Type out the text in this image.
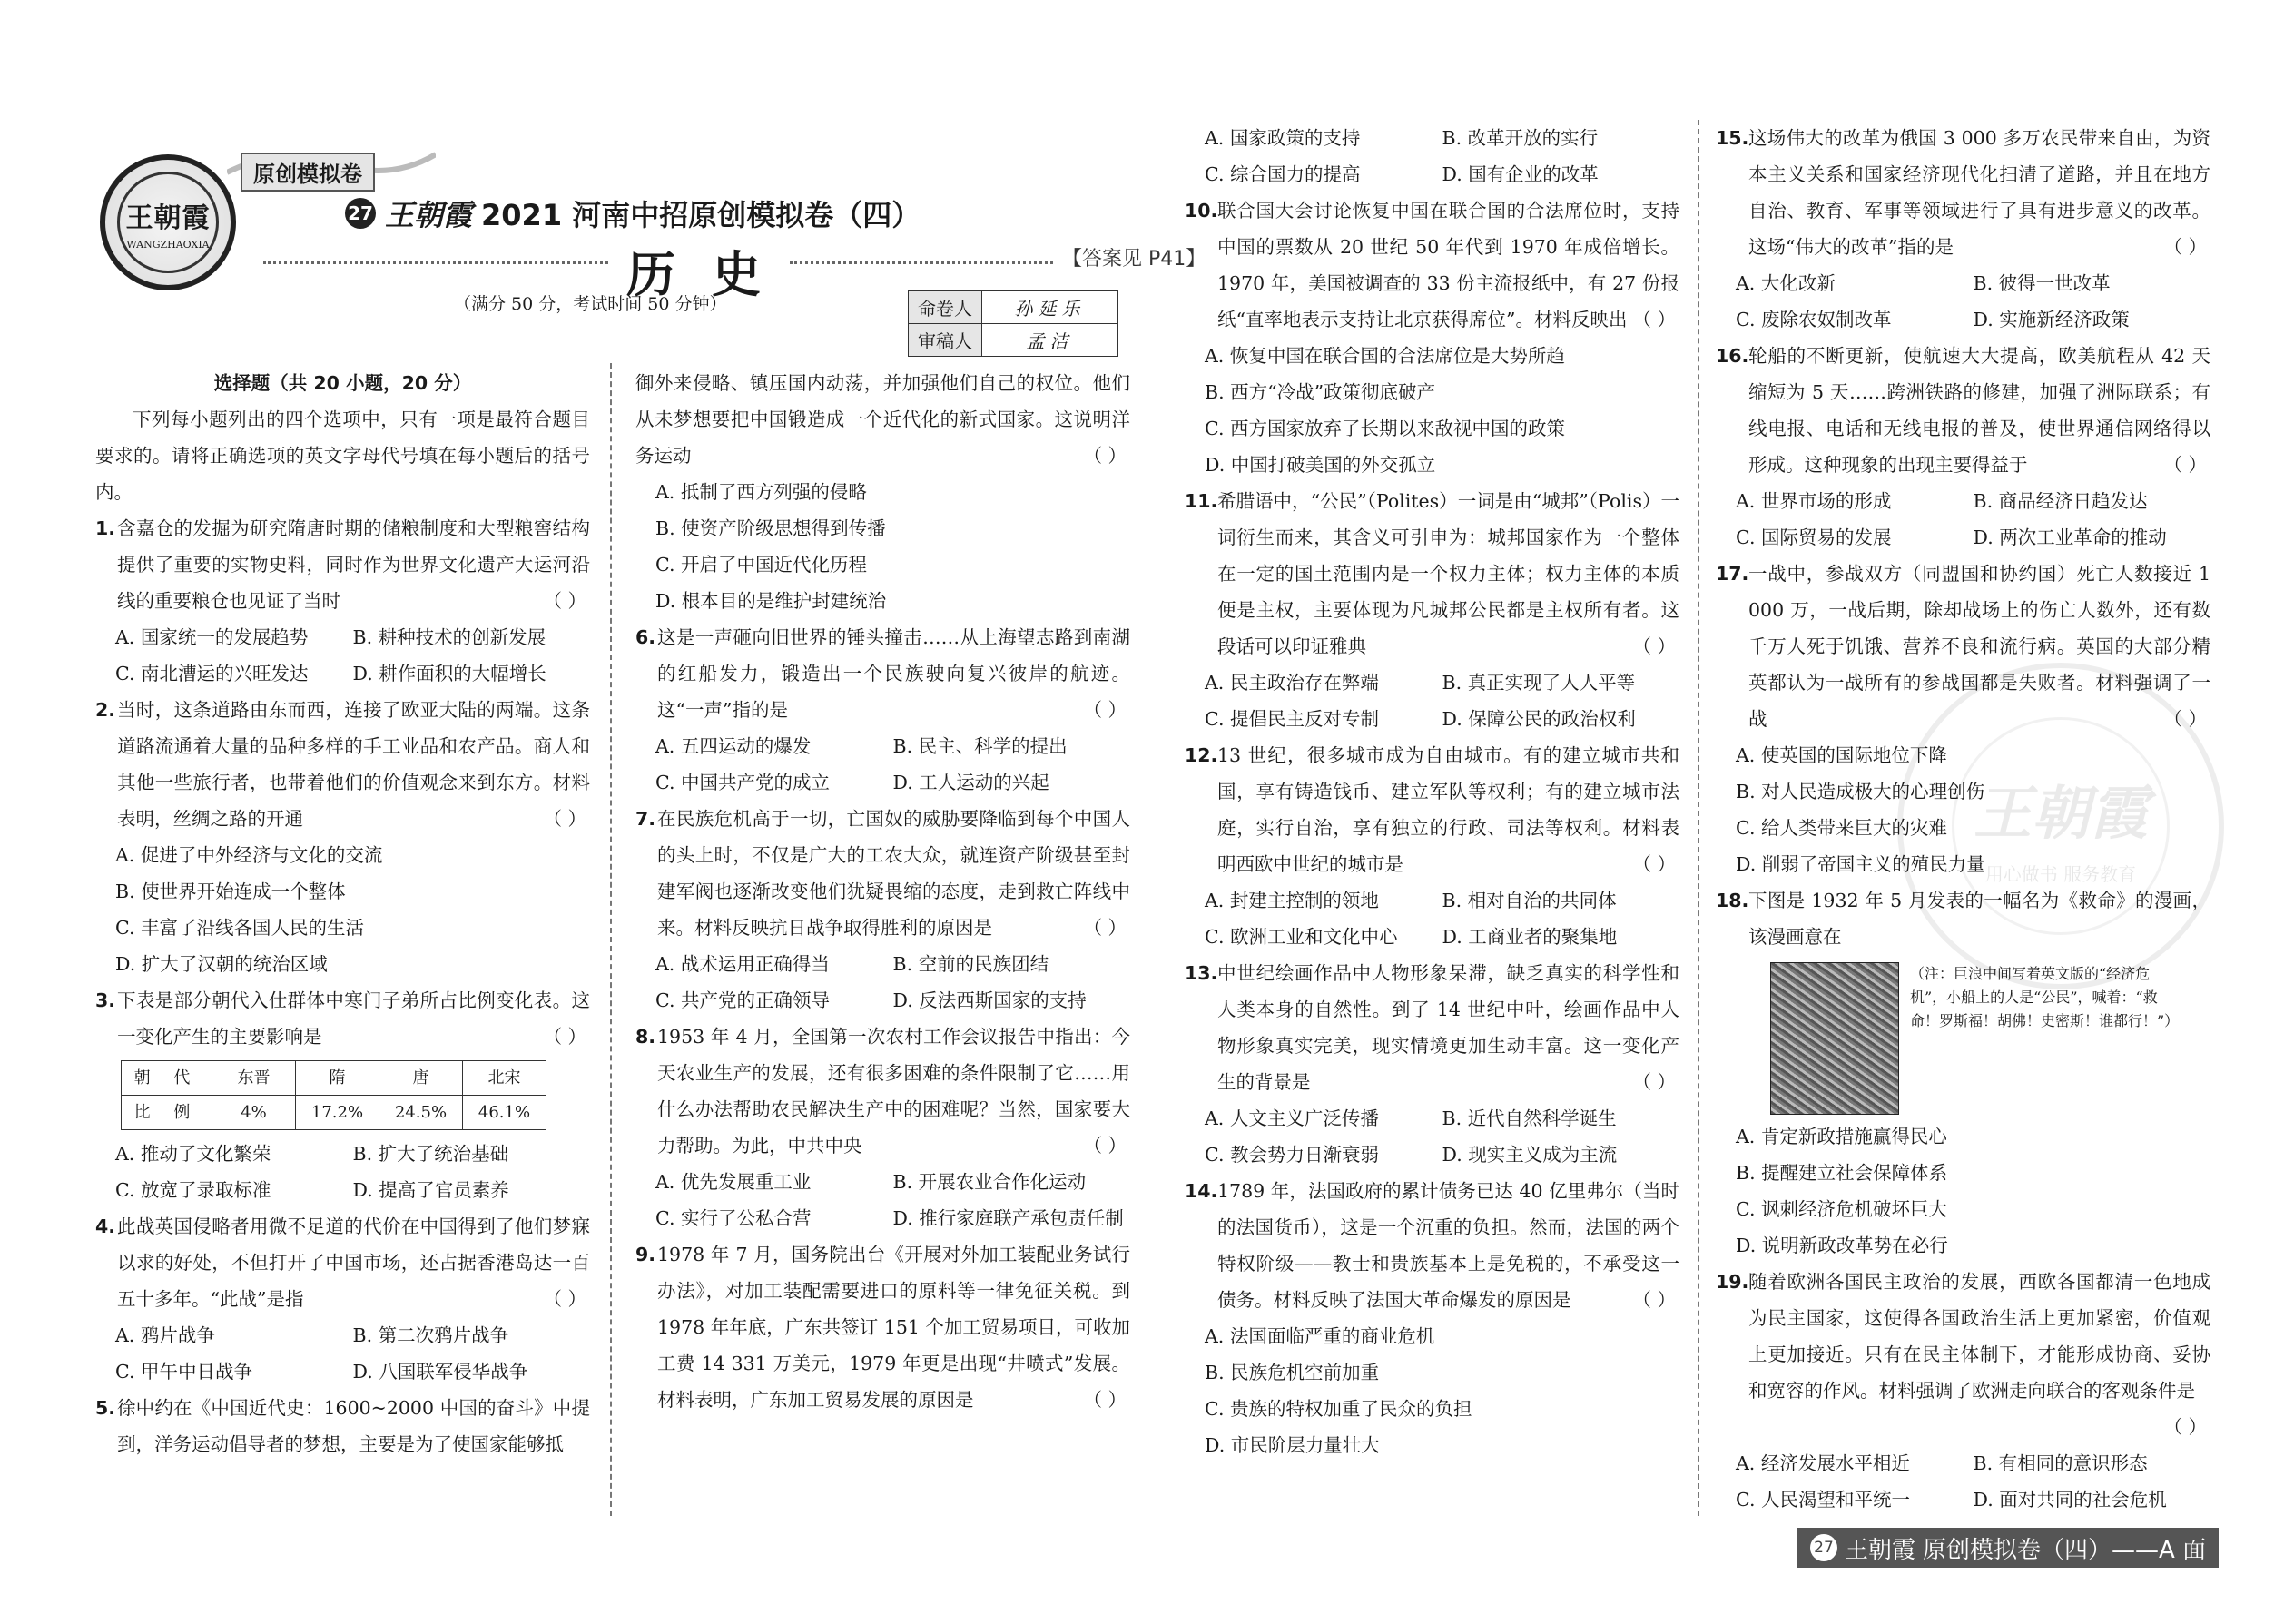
王朝霞
WANGZHAOXIA
原创模拟卷
27 王朝霞 2021 河南中招原创模拟卷（四）
历史	【答案见 P41】
（满分 50 分，考试时间 50 分钟）	命卷人	孙延乐
审稿人	孟洁

选择题（共 20 小题，20 分）

下列每小题列出的四个选项中，只有一项是最符合题目要求的。请将正确选项的英文字母代号填在每小题后的括号内。

1. 含嘉仓的发掘为研究隋唐时期的储粮制度和大型粮窖结构提供了重要的实物史料，同时作为世界文化遗产大运河沿线的重要粮仓也见证了当时	（ ）
A. 国家统一的发展趋势	B. 耕种技术的创新发展
C. 南北漕运的兴旺发达	D. 耕作面积的大幅增长
2. 当时，这条道路由东而西，连接了欧亚大陆的两端。这条道路流通着大量的品种多样的手工业品和农产品。商人和其他一些旅行者，也带着他们的价值观念来到东方。材料表明，丝绸之路的开通	（ ）
A. 促进了中外经济与文化的交流
B. 使世界开始连成一个整体
C. 丰富了沿线各国人民的生活
D. 扩大了汉朝的统治区域
3. 下表是部分朝代入仕群体中寒门子弟所占比例变化表。这一变化产生的主要影响是	（ ）
朝 代	东晋	隋	唐	北宋
比 例	4%	17.2%	24.5%	46.1%
A. 推动了文化繁荣	B. 扩大了统治基础
C. 放宽了录取标准	D. 提高了官员素养
4. 此战英国侵略者用微不足道的代价在中国得到了他们梦寐以求的好处，不但打开了中国市场，还占据香港岛达一百五十多年。“此战”是指	（ ）
A. 鸦片战争	B. 第二次鸦片战争
C. 甲午中日战争	D. 八国联军侵华战争
5. 徐中约在《中国近代史：1600~2000 中国的奋斗》中提到，洋务运动倡导者的梦想，主要是为了使国家能够抵

御外来侵略、镇压国内动荡，并加强他们自己的权位。他们从未梦想要把中国锻造成一个近代化的新式国家。这说明洋务运动	（ ）

A. 抵制了西方列强的侵略
B. 使资产阶级思想得到传播
C. 开启了中国近代化历程
D. 根本目的是维护封建统治
6. 这是一声砸向旧世界的锤头撞击……从上海望志路到南湖的红船发力，锻造出一个民族驶向复兴彼岸的航迹。这“一声”指的是	（ ）
A. 五四运动的爆发	B. 民主、科学的提出
C. 中国共产党的成立	D. 工人运动的兴起
7. 在民族危机高于一切，亡国奴的威胁要降临到每个中国人的头上时，不仅是广大的工农大众，就连资产阶级甚至封建军阀也逐渐改变他们犹疑畏缩的态度，走到救亡阵线中来。材料反映抗日战争取得胜利的原因是	（ ）
A. 战术运用正确得当	B. 空前的民族团结
C. 共产党的正确领导	D. 反法西斯国家的支持
8. 1953 年 4 月，全国第一次农村工作会议报告中指出：今天农业生产的发展，还有很多困难的条件限制了它……用什么办法帮助农民解决生产中的困难呢？当然，国家要大力帮助。为此，中共中央	（ ）
A. 优先发展重工业	B. 开展农业合作化运动
C. 实行了公私合营	D. 推行家庭联产承包责任制
9. 1978 年 7 月，国务院出台《开展对外加工装配业务试行办法》，对加工装配需要进口的原料等一律免征关税。到 1978 年年底，广东共签订 151 个加工贸易项目，可收加工费 14 331 万美元，1979 年更是出现“井喷式”发展。材料表明，广东加工贸易发展的原因是	（ ）
A. 国家政策的支持	B. 改革开放的实行
C. 综合国力的提高	D. 国有企业的改革
10. 联合国大会讨论恢复中国在联合国的合法席位时，支持中国的票数从 20 世纪 50 年代到 1970 年成倍增长。1970 年，美国被调查的 33 份主流报纸中，有 27 份报纸“直率地表示支持让北京获得席位”。材料反映出 （ ）
A. 恢复中国在联合国的合法席位是大势所趋
B. 西方“冷战”政策彻底破产
C. 西方国家放弃了长期以来敌视中国的政策
D. 中国打破美国的外交孤立
11. 希腊语中，“公民”（Polites）一词是由“城邦”（Polis）一词衍生而来，其含义可引申为：城邦国家作为一个整体在一定的国土范围内是一个权力主体；权力主体的本质便是主权，主要体现为凡城邦公民都是主权所有者。这段话可以印证雅典	（ ）
A. 民主政治存在弊端	B. 真正实现了人人平等
C. 提倡民主反对专制	D. 保障公民的政治权利
12. 13 世纪，很多城市成为自由城市。有的建立城市共和国，享有铸造钱币、建立军队等权利；有的建立城市法庭，实行自治，享有独立的行政、司法等权利。材料表明西欧中世纪的城市是	（ ）
A. 封建主控制的领地	B. 相对自治的共同体
C. 欧洲工业和文化中心	D. 工商业者的聚集地
13. 中世纪绘画作品中人物形象呆滞，缺乏真实的科学性和人类本身的自然性。到了 14 世纪中叶，绘画作品中人物形象真实完美，现实情境更加生动丰富。这一变化产生的背景是	（ ）
A. 人文主义广泛传播	B. 近代自然科学诞生
C. 教会势力日渐衰弱	D. 现实主义成为主流
14. 1789 年，法国政府的累计债务已达 40 亿里弗尔（当时的法国货币），这是一个沉重的负担。然而，法国的两个特权阶级——教士和贵族基本上是免税的，不承受这一债务。材料反映了法国大革命爆发的原因是	（ ）
A. 法国面临严重的商业危机
B. 民族危机空前加重
C. 贵族的特权加重了民众的负担
D. 市民阶层力量壮大
王朝霞
用心做书 服务教育
15. 这场伟大的改革为俄国 3 000 多万农民带来自由，为资本主义关系和国家经济现代化扫清了道路，并且在地方自治、教育、军事等领域进行了具有进步意义的改革。这场“伟大的改革”指的是	（ ）
A. 大化改新	B. 彼得一世改革
C. 废除农奴制改革	D. 实施新经济政策
16. 轮船的不断更新，使航速大大提高，欧美航程从 42 天缩短为 5 天……跨洲铁路的修建，加强了洲际联系；有线电报、电话和无线电报的普及，使世界通信网络得以形成。这种现象的出现主要得益于	（ ）
A. 世界市场的形成	B. 商品经济日趋发达
C. 国际贸易的发展	D. 两次工业革命的推动
17. 一战中，参战双方（同盟国和协约国）死亡人数接近 1 000 万，一战后期，除却战场上的伤亡人数外，还有数千万人死于饥饿、营养不良和流行病。英国的大部分精英都认为一战所有的参战国都是失败者。材料强调了一战	（ ）
A. 使英国的国际地位下降
B. 对人民造成极大的心理创伤
C. 给人类带来巨大的灾难
D. 削弱了帝国主义的殖民力量
18. 下图是 1932 年 5 月发表的一幅名为《救命》的漫画，该漫画意在
（注：巨浪中间写着英文版的“经济危机”，小船上的人是“公民”，喊着：“救命！罗斯福！胡佛！史密斯！谁都行！”）
A. 肯定新政措施赢得民心
B. 提醒建立社会保障体系
C. 讽刺经济危机破坏巨大
D. 说明新政改革势在必行
19. 随着欧洲各国民主政治的发展，西欧各国都清一色地成为民主国家，这使得各国政治生活上更加紧密，价值观上更加接近。只有在民主体制下，才能形成协商、妥协和宽容的作风。材料强调了欧洲走向联合的客观条件是
（ ）
A. 经济发展水平相近	B. 有相同的意识形态
C. 人民渴望和平统一	D. 面对共同的社会危机
27 王朝霞 原创模拟卷（四）——A 面
